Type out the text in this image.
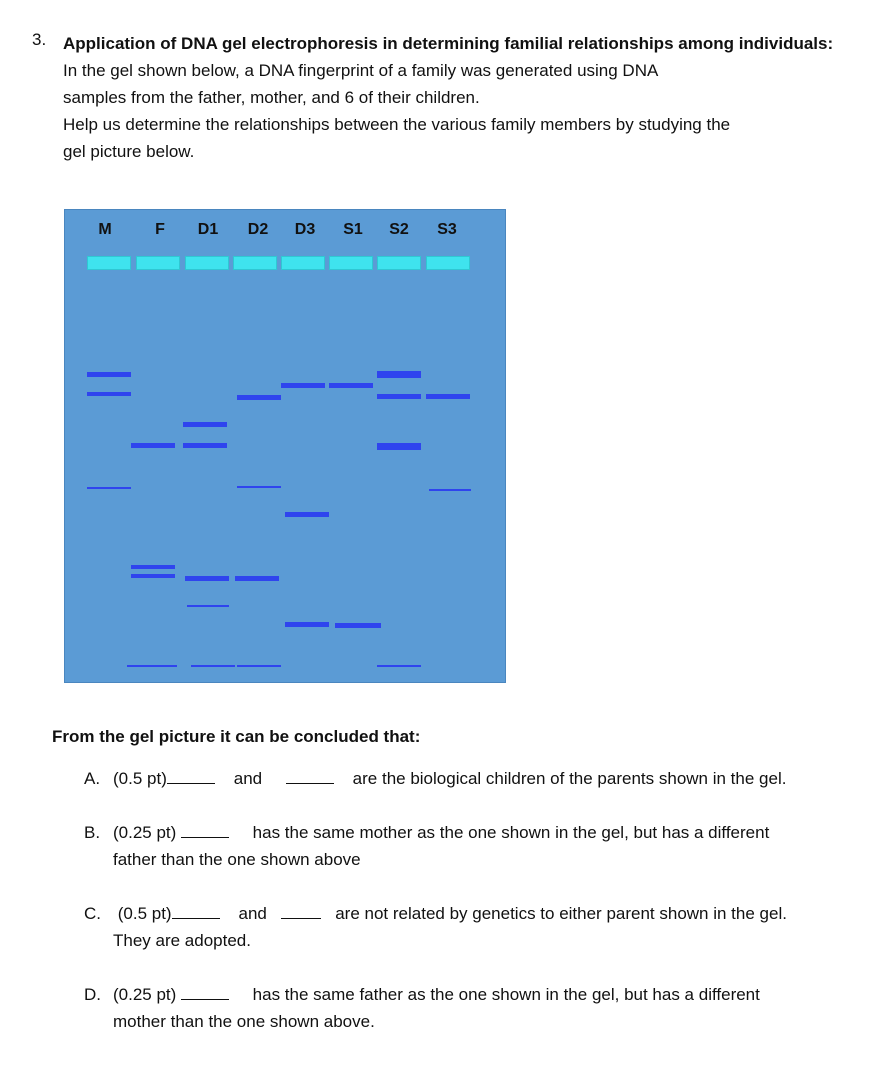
3. Application of DNA gel electrophoresis in determining familial relationships among individuals:  In the gel shown below, a DNA fingerprint of a family was generated using DNA
samples from the father, mother, and 6 of their children.
Help us determine the relationships between the various family members by studying the
gel picture below.
M	F	D1	D2	D3	S1	S2	S3
From the gel picture it can be concluded that:
A. (0.5 pt)	and	are the biological children of the parents shown in the gel.
B. (0.25 pt)	has the same mother as the one shown in the gel, but has a different
father than the one shown above
C. (0.5 pt)	and	are not related by genetics to either parent shown in the gel.
They are adopted.
D. (0.25 pt)	has the same father as the one shown in the gel, but has a different
mother than the one shown above.
